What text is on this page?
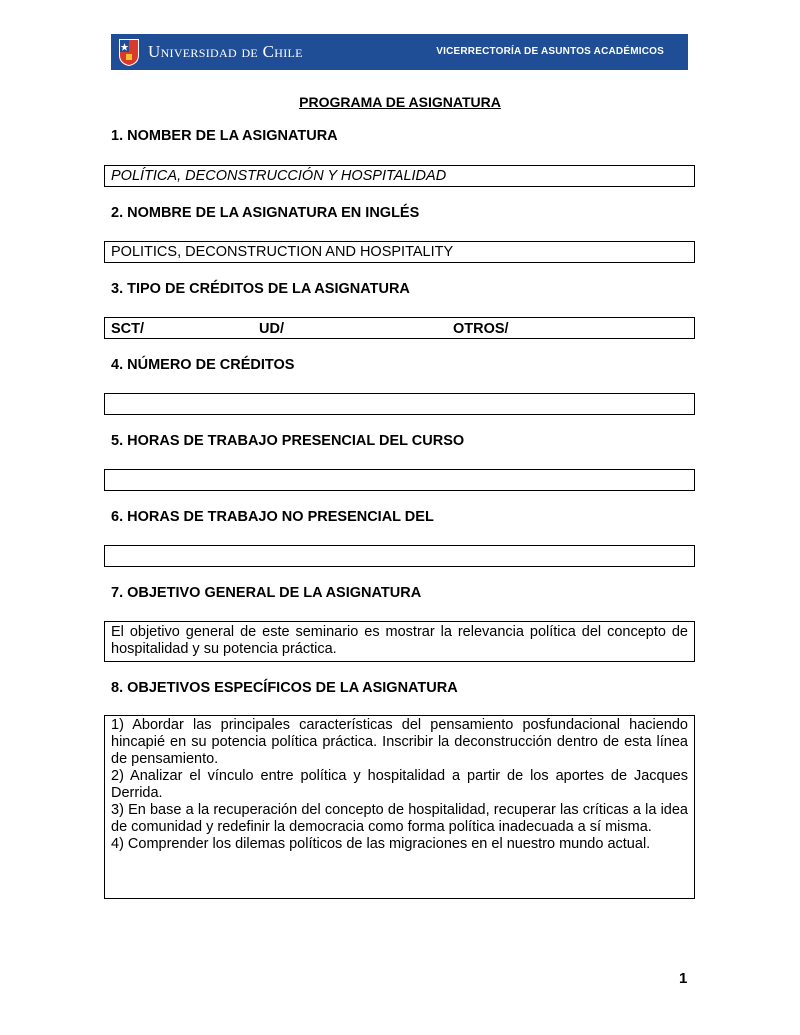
Universidad de Chile	VICERRECTORÍA DE ASUNTOS ACADÉMICOS
PROGRAMA DE ASIGNATURA
1. NOMBER DE LA ASIGNATURA
POLÍTICA, DECONSTRUCCIÓN Y HOSPITALIDAD
2. NOMBRE DE LA ASIGNATURA EN INGLÉS
POLITICS, DECONSTRUCTION AND HOSPITALITY
3. TIPO DE CRÉDITOS DE LA ASIGNATURA
SCT/	UD/	OTROS/
4. NÚMERO DE CRÉDITOS
5. HORAS DE TRABAJO PRESENCIAL DEL CURSO
6. HORAS DE TRABAJO NO PRESENCIAL DEL
7. OBJETIVO GENERAL DE LA ASIGNATURA
El objetivo general de este seminario es mostrar la relevancia política del concepto de hospitalidad y su potencia práctica.
8. OBJETIVOS ESPECÍFICOS DE LA ASIGNATURA
1) Abordar las principales características del pensamiento posfundacional haciendo hincapié en su potencia política práctica. Inscribir la deconstrucción dentro de esta línea de pensamiento.
2) Analizar el vínculo entre política y hospitalidad a partir de los aportes de Jacques Derrida.
3) En base a la recuperación del concepto de hospitalidad, recuperar las críticas a la idea de comunidad y redefinir la democracia como forma política inadecuada a sí misma.
4) Comprender los dilemas políticos de las migraciones en el nuestro mundo actual.
1
